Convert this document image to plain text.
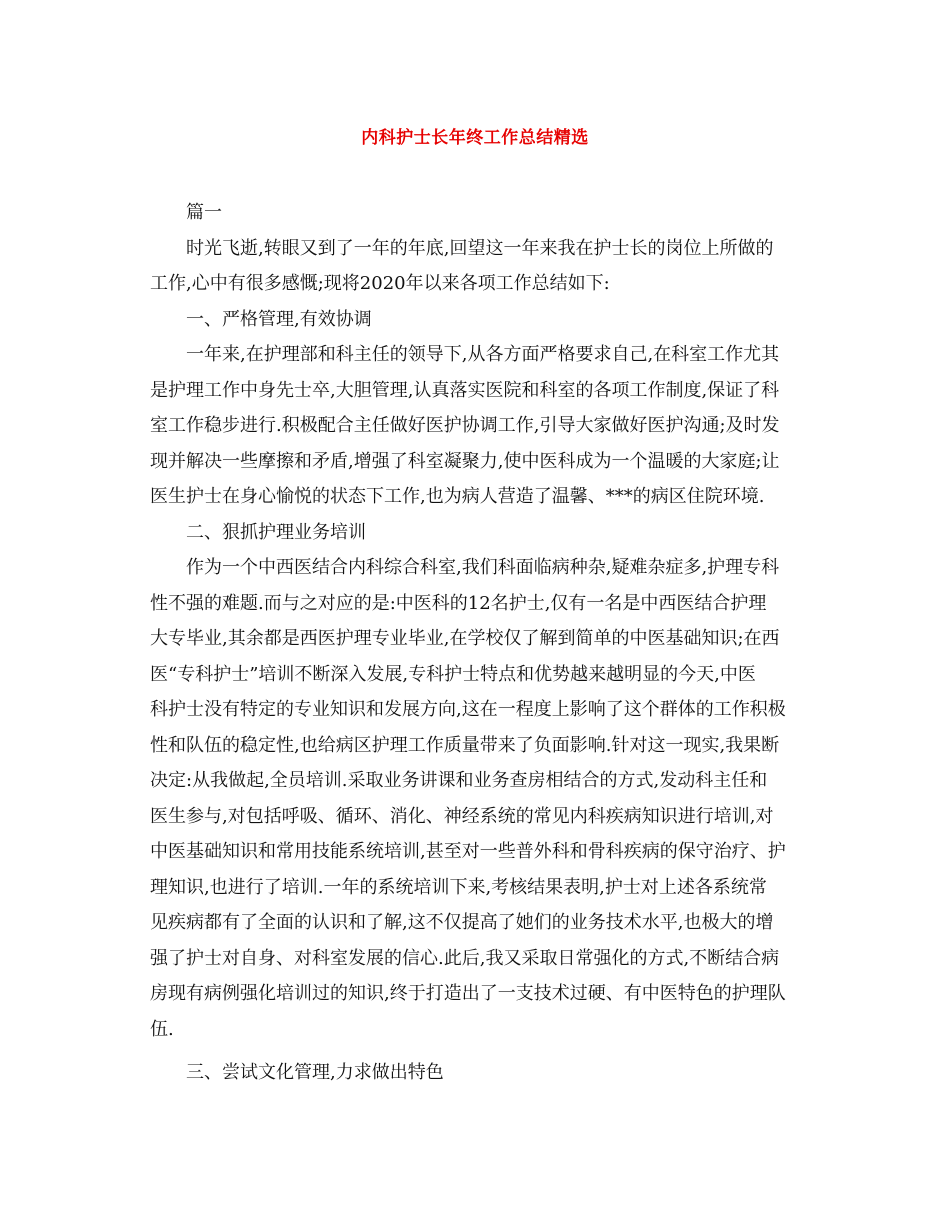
内科护士长年终工作总结精选
篇一
时光飞逝,转眼又到了一年的年底,回望这一年来我在护士长的岗位上所做的
工作,心中有很多感慨;现将2020年以来各项工作总结如下:
一、严格管理,有效协调
一年来,在护理部和科主任的领导下,从各方面严格要求自己,在科室工作尤其
是护理工作中身先士卒,大胆管理,认真落实医院和科室的各项工作制度,保证了科
室工作稳步进行.积极配合主任做好医护协调工作,引导大家做好医护沟通;及时发
现并解决一些摩擦和矛盾,增强了科室凝聚力,使中医科成为一个温暖的大家庭;让
医生护士在身心愉悦的状态下工作,也为病人营造了温馨、***的病区住院环境.
二、狠抓护理业务培训
作为一个中西医结合内科综合科室,我们科面临病种杂,疑难杂症多,护理专科
性不强的难题.而与之对应的是:中医科的12名护士,仅有一名是中西医结合护理
大专毕业,其余都是西医护理专业毕业,在学校仅了解到简单的中医基础知识;在西
医“专科护士”培训不断深入发展,专科护士特点和优势越来越明显的今天,中医
科护士没有特定的专业知识和发展方向,这在一程度上影响了这个群体的工作积极
性和队伍的稳定性,也给病区护理工作质量带来了负面影响.针对这一现实,我果断
决定:从我做起,全员培训.采取业务讲课和业务查房相结合的方式,发动科主任和
医生参与,对包括呼吸、循环、消化、神经系统的常见内科疾病知识进行培训,对
中医基础知识和常用技能系统培训,甚至对一些普外科和骨科疾病的保守治疗、护
理知识,也进行了培训.一年的系统培训下来,考核结果表明,护士对上述各系统常
见疾病都有了全面的认识和了解,这不仅提高了她们的业务技术水平,也极大的增
强了护士对自身、对科室发展的信心.此后,我又采取日常强化的方式,不断结合病
房现有病例强化培训过的知识,终于打造出了一支技术过硬、有中医特色的护理队
伍.
三、尝试文化管理,力求做出特色
